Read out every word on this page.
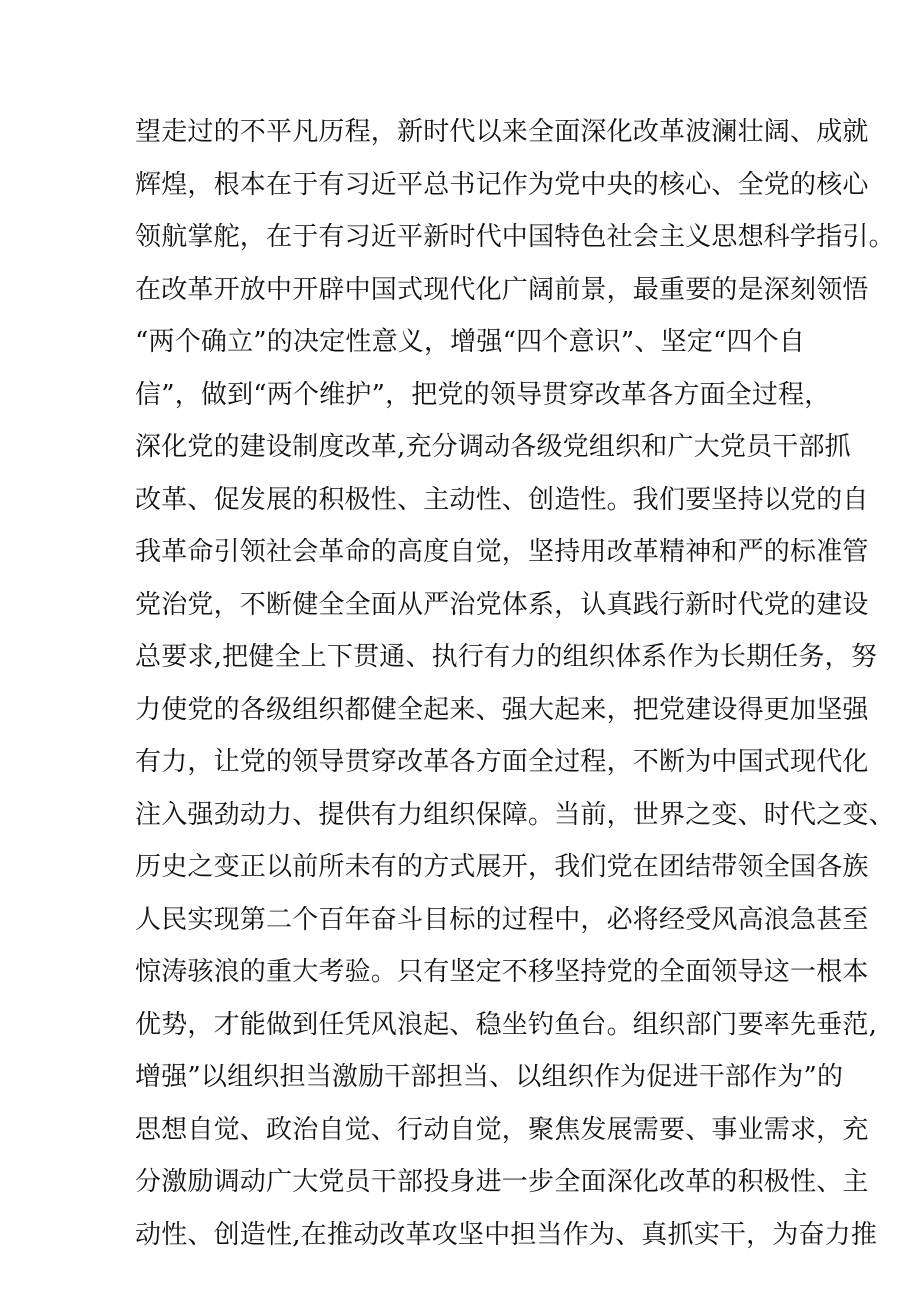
望走过的不平凡历程，新时代以来全面深化改革波澜壮阔、成就
辉煌，根本在于有习近平总书记作为党中央的核心、全党的核心
领航掌舵，在于有习近平新时代中国特色社会主义思想科学指引。
在改革开放中开辟中国式现代化广阔前景，最重要的是深刻领悟
“两个确立”的决定性意义，增强“四个意识”、坚定“四个自
信”，做到“两个维护”，把党的领导贯穿改革各方面全过程，
深化党的建设制度改革,充分调动各级党组织和广大党员干部抓
改革、促发展的积极性、主动性、创造性。我们要坚持以党的自
我革命引领社会革命的高度自觉，坚持用改革精神和严的标准管
党治党，不断健全全面从严治党体系，认真践行新时代党的建设
总要求,把健全上下贯通、执行有力的组织体系作为长期任务，努
力使党的各级组织都健全起来、强大起来，把党建设得更加坚强
有力，让党的领导贯穿改革各方面全过程，不断为中国式现代化
注入强劲动力、提供有力组织保障。当前，世界之变、时代之变、
历史之变正以前所未有的方式展开，我们党在团结带领全国各族
人民实现第二个百年奋斗目标的过程中，必将经受风高浪急甚至
惊涛骇浪的重大考验。只有坚定不移坚持党的全面领导这一根本
优势，才能做到任凭风浪起、稳坐钓鱼台。组织部门要率先垂范,
增强”以组织担当激励干部担当、以组织作为促进干部作为”的
思想自觉、政治自觉、行动自觉，聚焦发展需要、事业需求，充
分激励调动广大党员干部投身进一步全面深化改革的积极性、主
动性、创造性,在推动改革攻坚中担当作为、真抓实干，为奋力推
